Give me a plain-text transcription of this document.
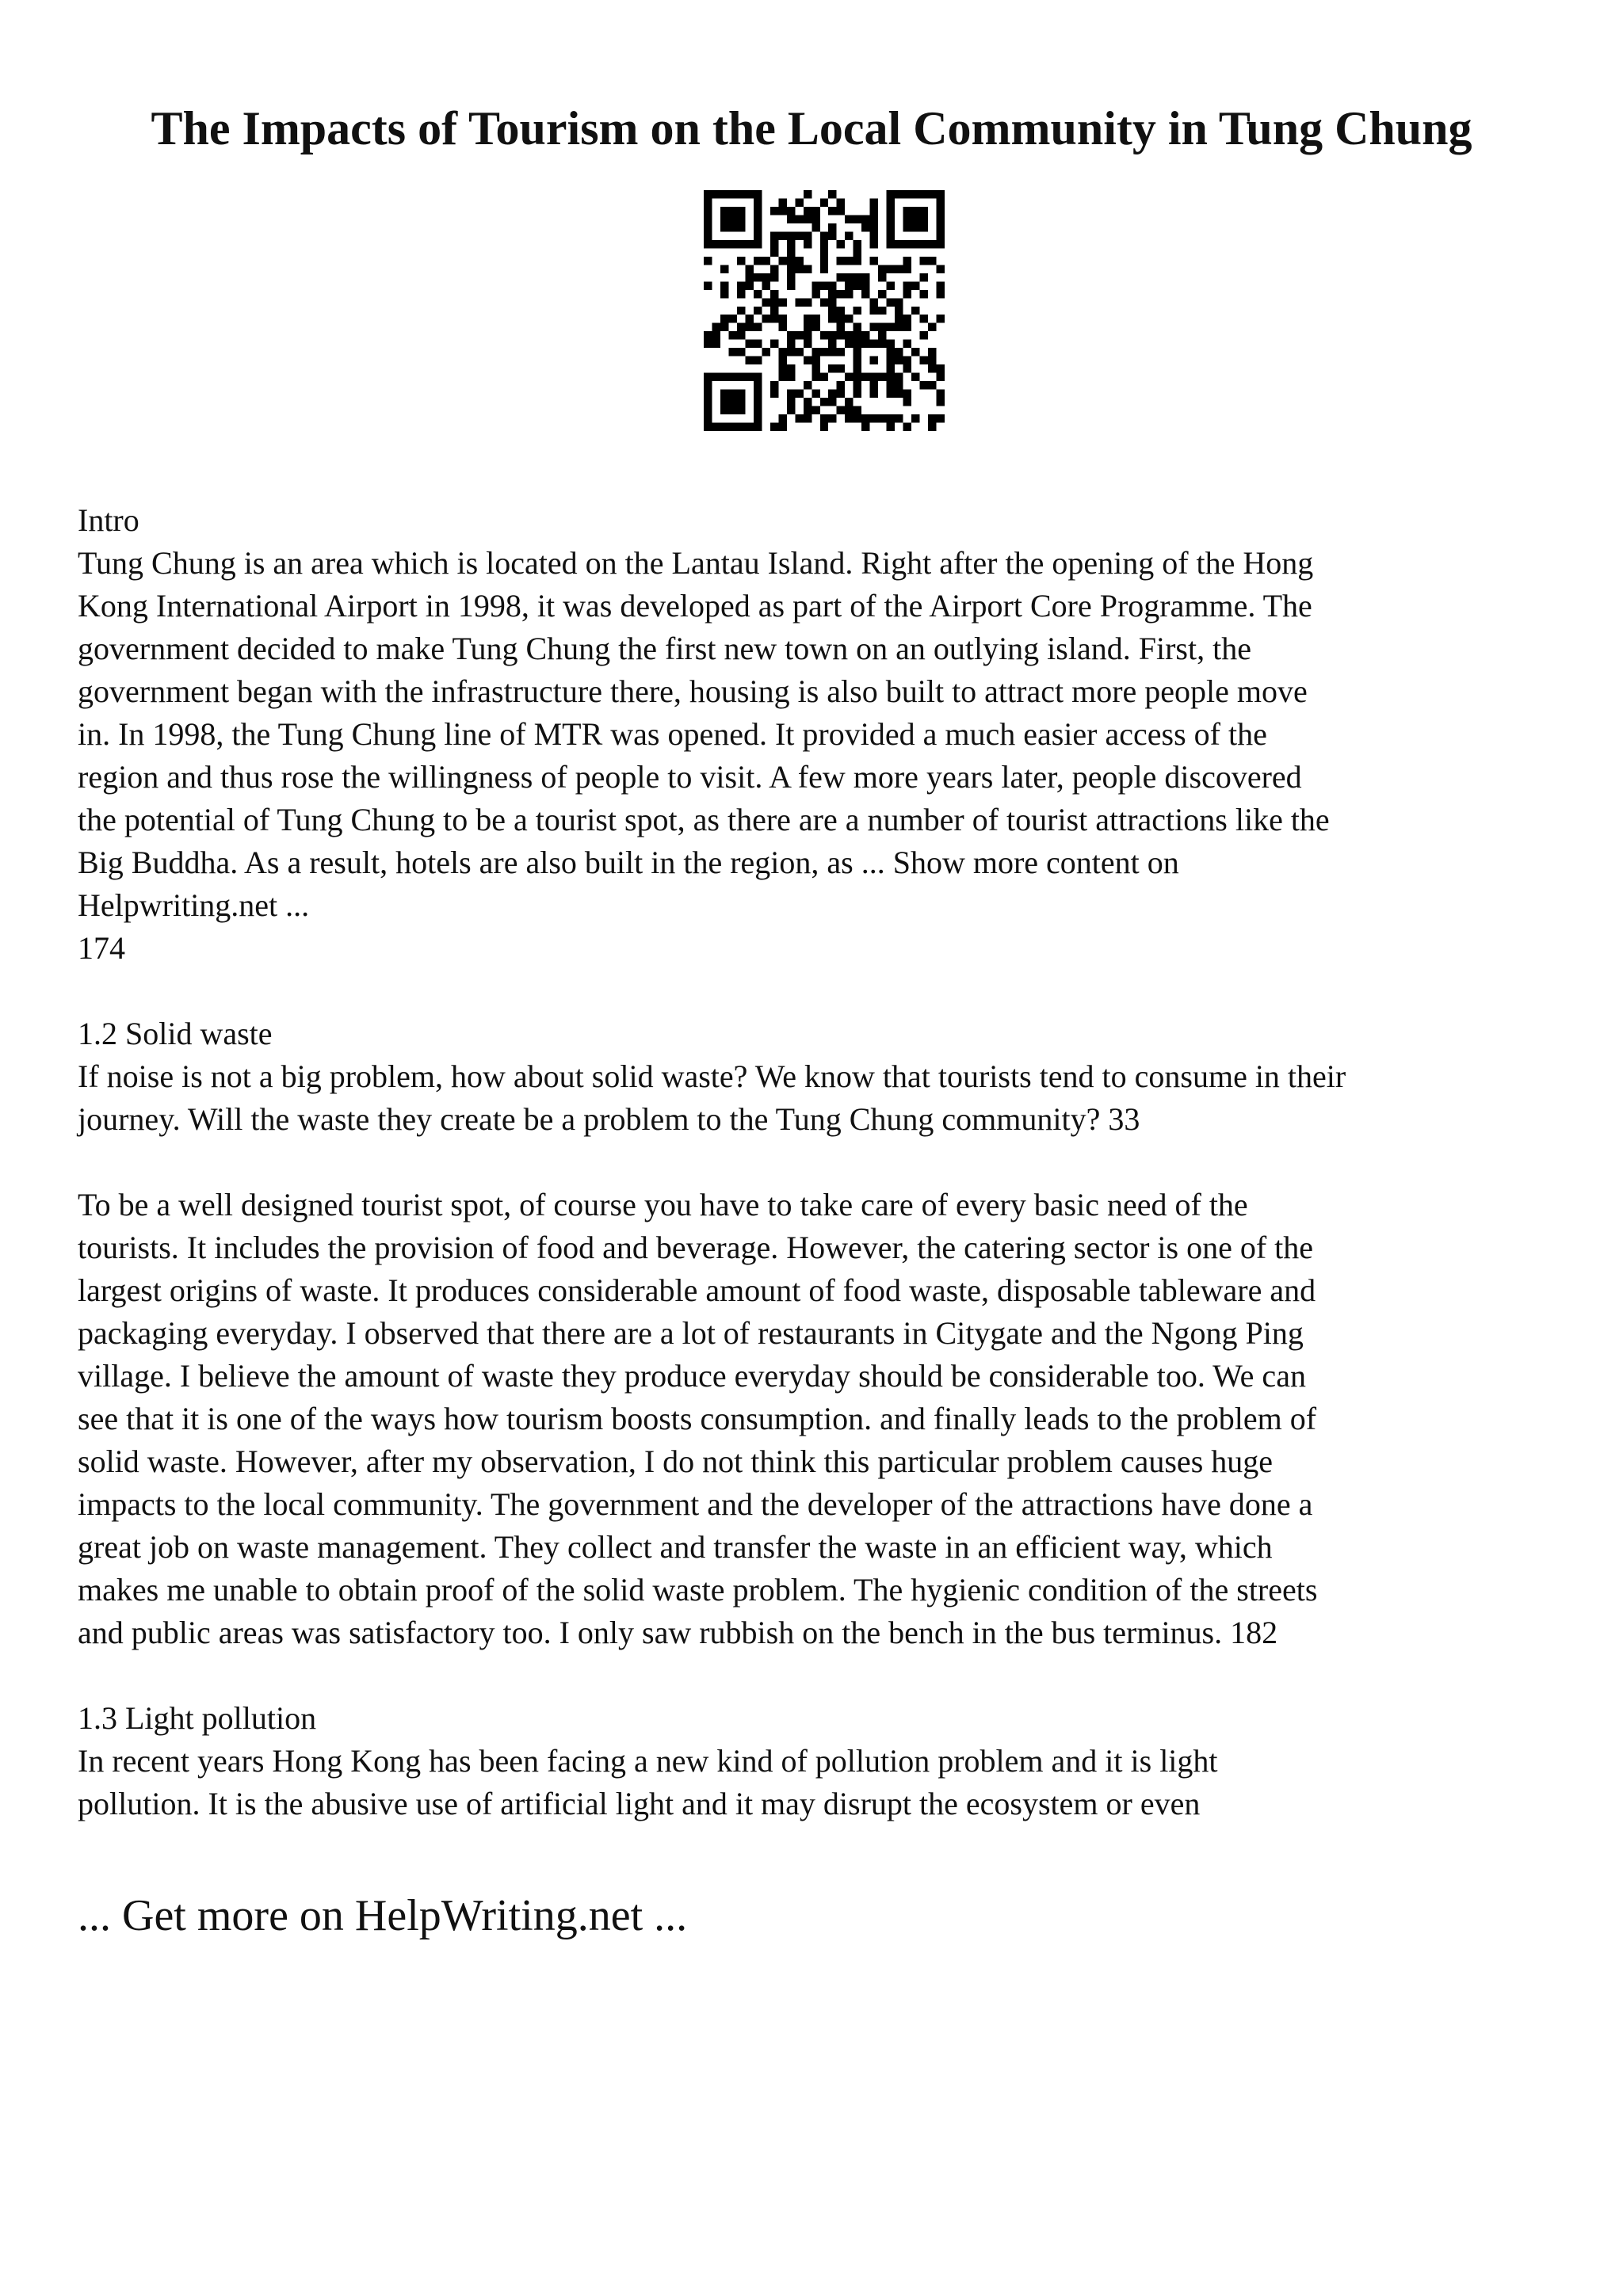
The Impacts of Tourism on the Local Community in Tung Chung

Intro

Tung Chung is an area which is located on the Lantau Island. Right after the opening of the Hong
Kong International Airport in 1998, it was developed as part of the Airport Core Programme. The
government decided to make Tung Chung the first new town on an outlying island. First, the
government began with the infrastructure there, housing is also built to attract more people move
in. In 1998, the Tung Chung line of MTR was opened. It provided a much easier access of the
region and thus rose the willingness of people to visit. A few more years later, people discovered
the potential of Tung Chung to be a tourist spot, as there are a number of tourist attractions like the
Big Buddha. As a result, hotels are also built in the region, as ... Show more content on
Helpwriting.net ...
174

1.2 Solid waste

If noise is not a big problem, how about solid waste? We know that tourists tend to consume in their
journey. Will the waste they create be a problem to the Tung Chung community? 33

To be a well designed tourist spot, of course you have to take care of every basic need of the
tourists. It includes the provision of food and beverage. However, the catering sector is one of the
largest origins of waste. It produces considerable amount of food waste, disposable tableware and
packaging everyday. I observed that there are a lot of restaurants in Citygate and the Ngong Ping
village. I believe the amount of waste they produce everyday should be considerable too. We can
see that it is one of the ways how tourism boosts consumption. and finally leads to the problem of
solid waste. However, after my observation, I do not think this particular problem causes huge
impacts to the local community. The government and the developer of the attractions have done a
great job on waste management. They collect and transfer the waste in an efficient way, which
makes me unable to obtain proof of the solid waste problem. The hygienic condition of the streets
and public areas was satisfactory too. I only saw rubbish on the bench in the bus terminus. 182

1.3 Light pollution

In recent years Hong Kong has been facing a new kind of pollution problem and it is light
pollution. It is the abusive use of artificial light and it may disrupt the ecosystem or even

... Get more on HelpWriting.net ...
